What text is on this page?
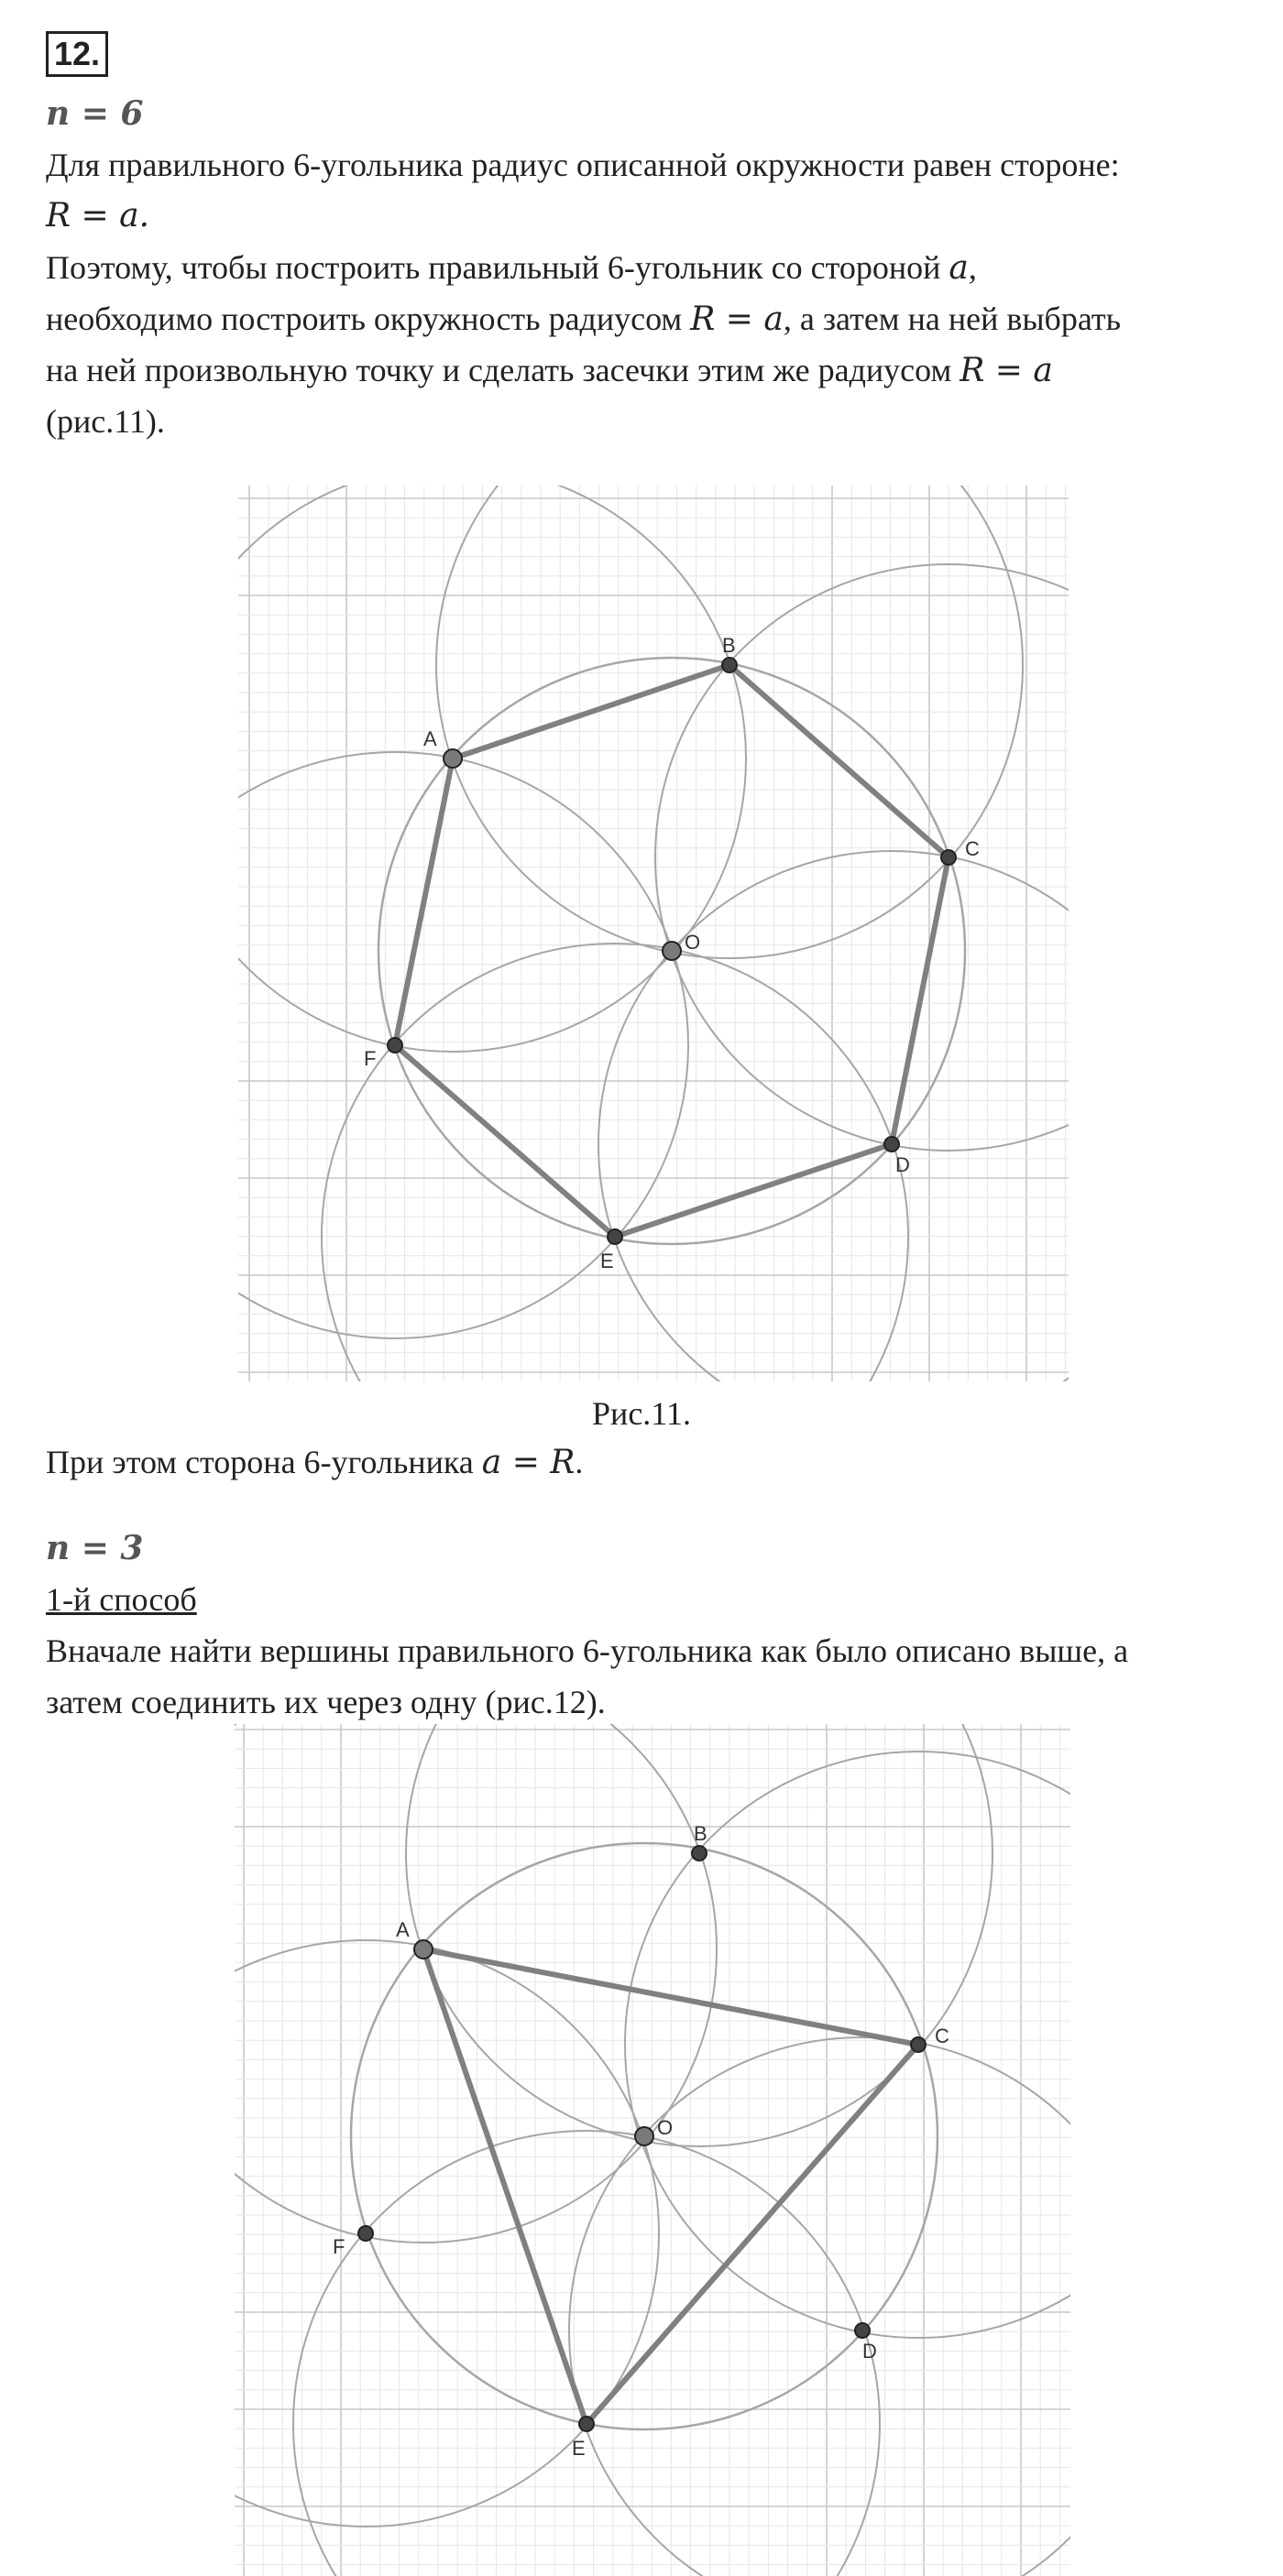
12.
n = 6
Для правильного 6-угольника радиус описанной окружности равен стороне:
R = a.
Поэтому, чтобы построить правильный 6-угольник со стороной a,
необходимо построить окружность радиусом R = a, а затем на ней выбрать
на ней произвольную точку и сделать засечки этим же радиусом R = a
(рис.11).
A
B
C
D
E
F
O
Рис.11.
При этом сторона 6-угольника a = R.
n = 3
1-й способ
Вначале найти вершины правильного 6-угольника как было описано выше, а
затем соединить их через одну (рис.12).
A
B
C
D
E
F
O
